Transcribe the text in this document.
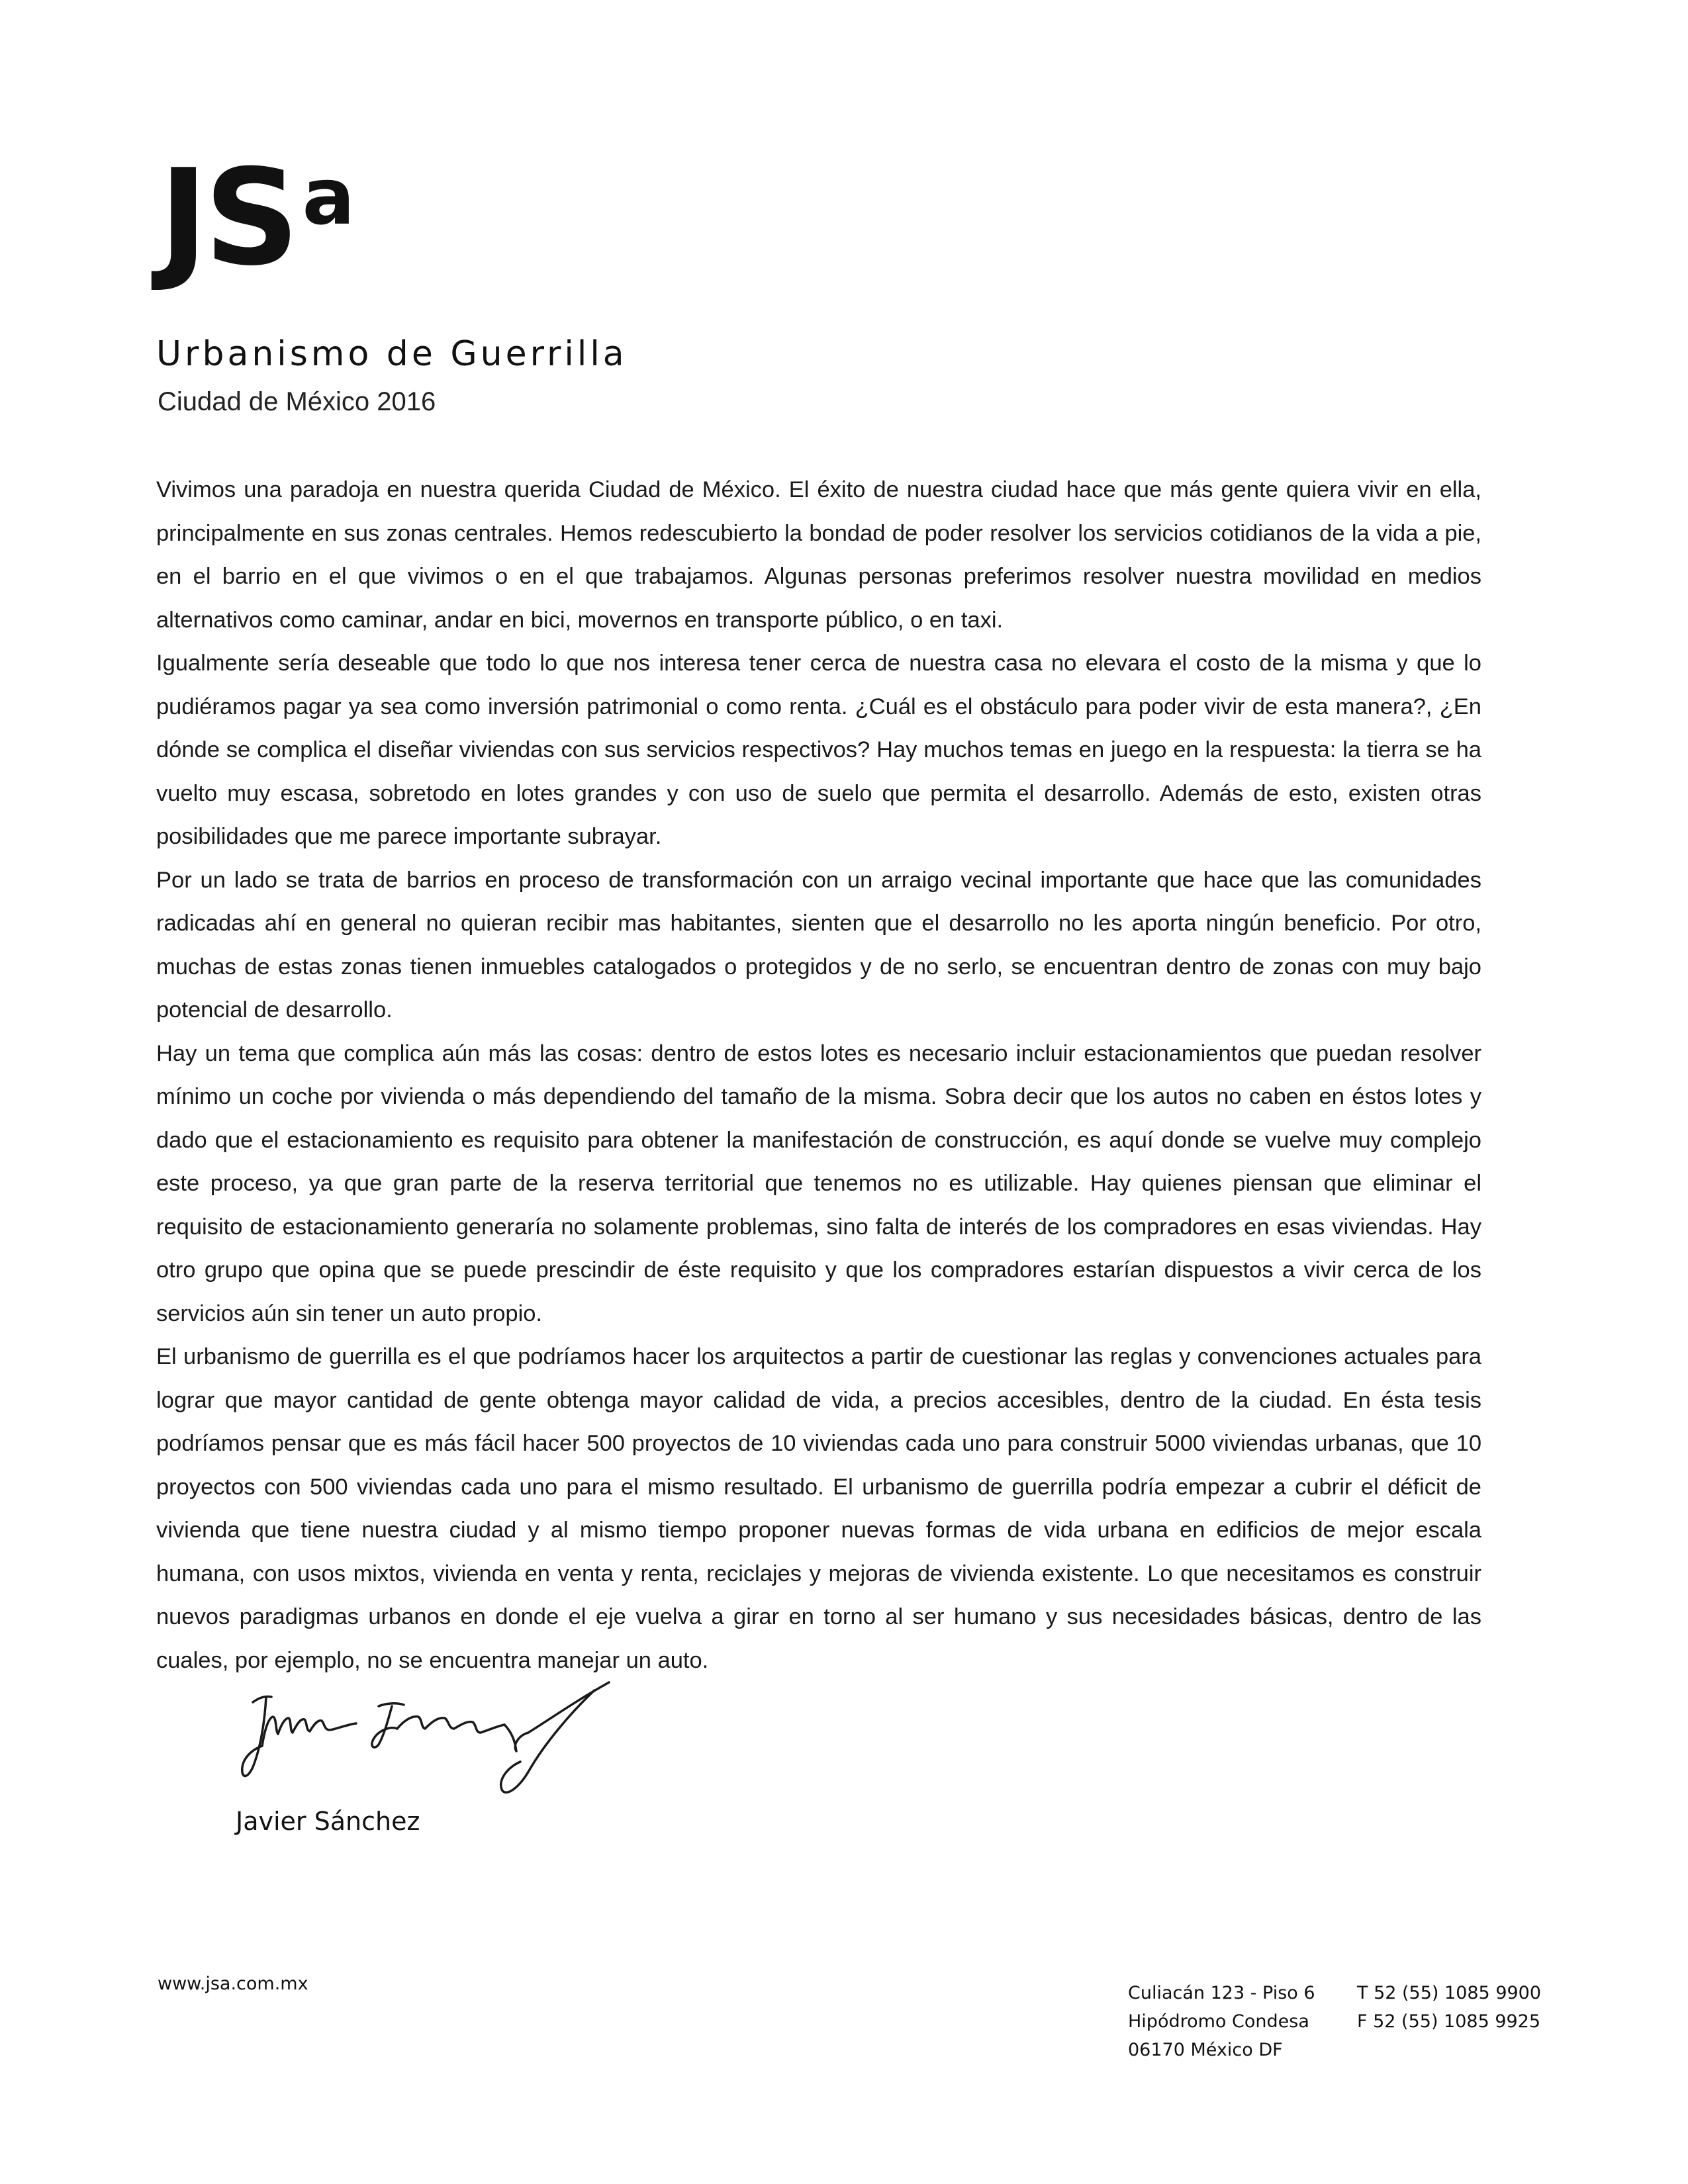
JSa
Urbanismo de Guerrilla
Ciudad de México 2016

Vivimos una paradoja en nuestra querida Ciudad de México. El éxito de nuestra ciudad hace que más gente quiera vivir en ella, principalmente en sus zonas centrales. Hemos redescubierto la bondad de poder resolver los servicios cotidianos de la vida a pie, en el barrio en el que vivimos o en el que trabajamos. Algunas personas preferimos resolver nuestra movilidad en medios alternativos como caminar, andar en bici, movernos en transporte público, o en taxi.

Igualmente sería deseable que todo lo que nos interesa tener cerca de nuestra casa no elevara el costo de la misma y que lo pudiéramos pagar ya sea como inversión patrimonial o como renta. ¿Cuál es el obstáculo para poder vivir de esta manera?, ¿En dónde se complica el diseñar viviendas con sus servicios respectivos? Hay muchos temas en juego en la respuesta: la tierra se ha vuelto muy escasa, sobretodo en lotes grandes y con uso de suelo que permita el desarrollo. Además de esto, existen otras posibilidades que me parece importante subrayar.

Por un lado se trata de barrios en proceso de transformación con un arraigo vecinal importante que hace que las comunidades radicadas ahí en general no quieran recibir mas habitantes, sienten que el desarrollo no les aporta ningún beneficio. Por otro, muchas de estas zonas tienen inmuebles catalogados o protegidos y de no serlo, se encuentran dentro de zonas con muy bajo potencial de desarrollo.

Hay un tema que complica aún más las cosas: dentro de estos lotes es necesario incluir estacionamientos que puedan resolver mínimo un coche por vivienda o más dependiendo del tamaño de la misma. Sobra decir que los autos no caben en éstos lotes y dado que el estacionamiento es requisito para obtener la manifestación de construcción, es aquí donde se vuelve muy complejo este proceso, ya que gran parte de la reserva territorial que tenemos no es utilizable. Hay quienes piensan que eliminar el requisito de estacionamiento generaría no solamente problemas, sino falta de interés de los compradores en esas viviendas. Hay otro grupo que opina que se puede prescindir de éste requisito y que los compradores estarían dispuestos a vivir cerca de los servicios aún sin tener un auto propio.

El urbanismo de guerrilla es el que podríamos hacer los arquitectos a partir de cuestionar las reglas y convenciones actuales para lograr que mayor cantidad de gente obtenga mayor calidad de vida, a precios accesibles, dentro de la ciudad. En ésta tesis podríamos pensar que es más fácil hacer 500 proyectos de 10 viviendas cada uno para construir 5000 viviendas urbanas, que 10 proyectos con 500 viviendas cada uno para el mismo resultado. El urbanismo de guerrilla podría empezar a cubrir el déficit de vivienda que tiene nuestra ciudad y al mismo tiempo proponer nuevas formas de vida urbana en edificios de mejor escala humana, con usos mixtos, vivienda en venta y renta, reciclajes y mejoras de vivienda existente. Lo que necesitamos es construir nuevos paradigmas urbanos en donde el eje vuelva a girar en torno al ser humano y sus necesidades básicas, dentro de las cuales, por ejemplo, no se encuentra manejar un auto.

Javier Sánchez
www.jsa.com.mx	Culiacán 123 - Piso 6
Hipódromo Condesa
06170 México DF
T 52 (55) 1085 9900
F 52 (55) 1085 9925
